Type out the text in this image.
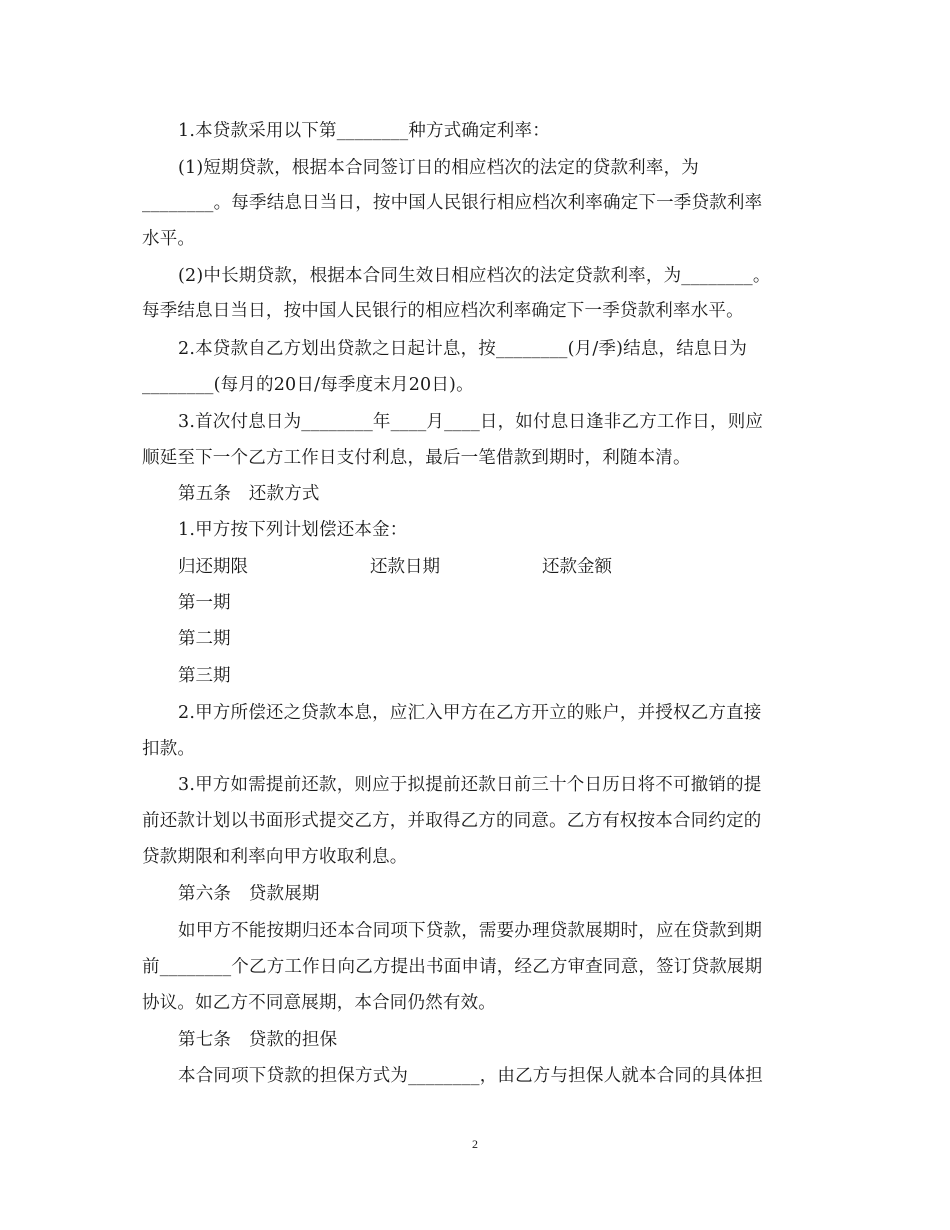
1.本贷款采用以下第________种方式确定利率：
(1)短期贷款，根据本合同签订日的相应档次的法定的贷款利率，为
________。每季结息日当日，按中国人民银行相应档次利率确定下一季贷款利率
水平。
(2)中长期贷款，根据本合同生效日相应档次的法定贷款利率，为________。
每季结息日当日，按中国人民银行的相应档次利率确定下一季贷款利率水平。
2.本贷款自乙方划出贷款之日起计息，按________(月/季)结息，结息日为
________(每月的20日/每季度末月20日)。
3.首次付息日为________年____月____日，如付息日逢非乙方工作日，则应
顺延至下一个乙方工作日支付利息，最后一笔借款到期时，利随本清。
第五条　还款方式
1.甲方按下列计划偿还本金：
归还期限	还款日期	还款金额
第一期
第二期
第三期
2.甲方所偿还之贷款本息，应汇入甲方在乙方开立的账户，并授权乙方直接
扣款。
3.甲方如需提前还款，则应于拟提前还款日前三十个日历日将不可撤销的提
前还款计划以书面形式提交乙方，并取得乙方的同意。乙方有权按本合同约定的
贷款期限和利率向甲方收取利息。
第六条　贷款展期
如甲方不能按期归还本合同项下贷款，需要办理贷款展期时，应在贷款到期
前________个乙方工作日向乙方提出书面申请，经乙方审查同意，签订贷款展期
协议。如乙方不同意展期，本合同仍然有效。
第七条　贷款的担保
本合同项下贷款的担保方式为________，由乙方与担保人就本合同的具体担
2
